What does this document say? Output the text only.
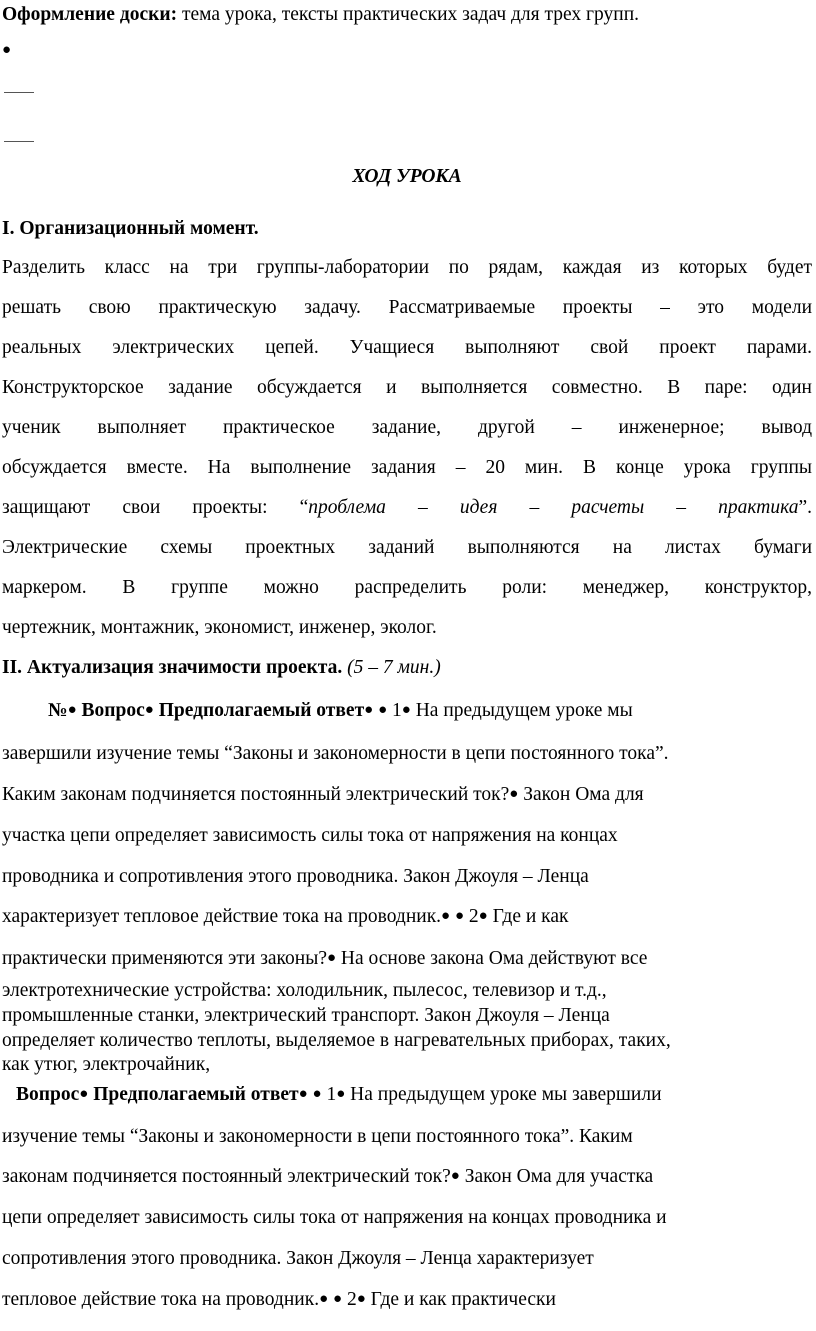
Оформление доски: тема урока, тексты практических задач для трех групп.
●
ХОД УРОКА
I. Организационный момент.
Разделить класс на три группы-лаборатории по рядам, каждая из которых будет
решать свою практическую задачу. Рассматриваемые проекты – это модели
реальных электрических цепей. Учащиеся выполняют свой проект парами.
Конструкторское задание обсуждается и выполняется совместно. В паре: один
ученик выполняет практическое задание, другой – инженерное; вывод
обсуждается вместе. На выполнение задания – 20 мин. В конце урока группы
защищают свои проекты: “проблема – идея – расчеты – практика”.
Электрические схемы проектных заданий выполняются на листах бумаги
маркером. В группе можно распределить роли: менеджер, конструктор,
чертежник, монтажник, экономист, инженер, эколог.
II. Актуализация значимости проекта. (5 – 7 мин.)
№● Вопрос● Предполагаемый ответ● ● 1● На предыдущем уроке мы
завершили изучение темы “Законы и закономерности в цепи постоянного тока”.
Каким законам подчиняется постоянный электрический ток?● Закон Ома для
участка цепи определяет зависимость силы тока от напряжения на концах
проводника и сопротивления этого проводника. Закон Джоуля – Ленца
характеризует тепловое действие тока на проводник.● ● 2● Где и как
практически применяются эти законы?● На основе закона Ома действуют все
электротехнические устройства: холодильник, пылесос, телевизор и т.д.,
промышленные станки, электрический транспорт. Закон Джоуля – Ленца
определяет количество теплоты, выделяемое в нагревательных приборах, таких,
как утюг, электрочайник,
Вопрос● Предполагаемый ответ● ● 1● На предыдущем уроке мы завершили
изучение темы “Законы и закономерности в цепи постоянного тока”. Каким
законам подчиняется постоянный электрический ток?● Закон Ома для участка
цепи определяет зависимость силы тока от напряжения на концах проводника и
сопротивления этого проводника. Закон Джоуля – Ленца характеризует
тепловое действие тока на проводник.● ● 2● Где и как практически
